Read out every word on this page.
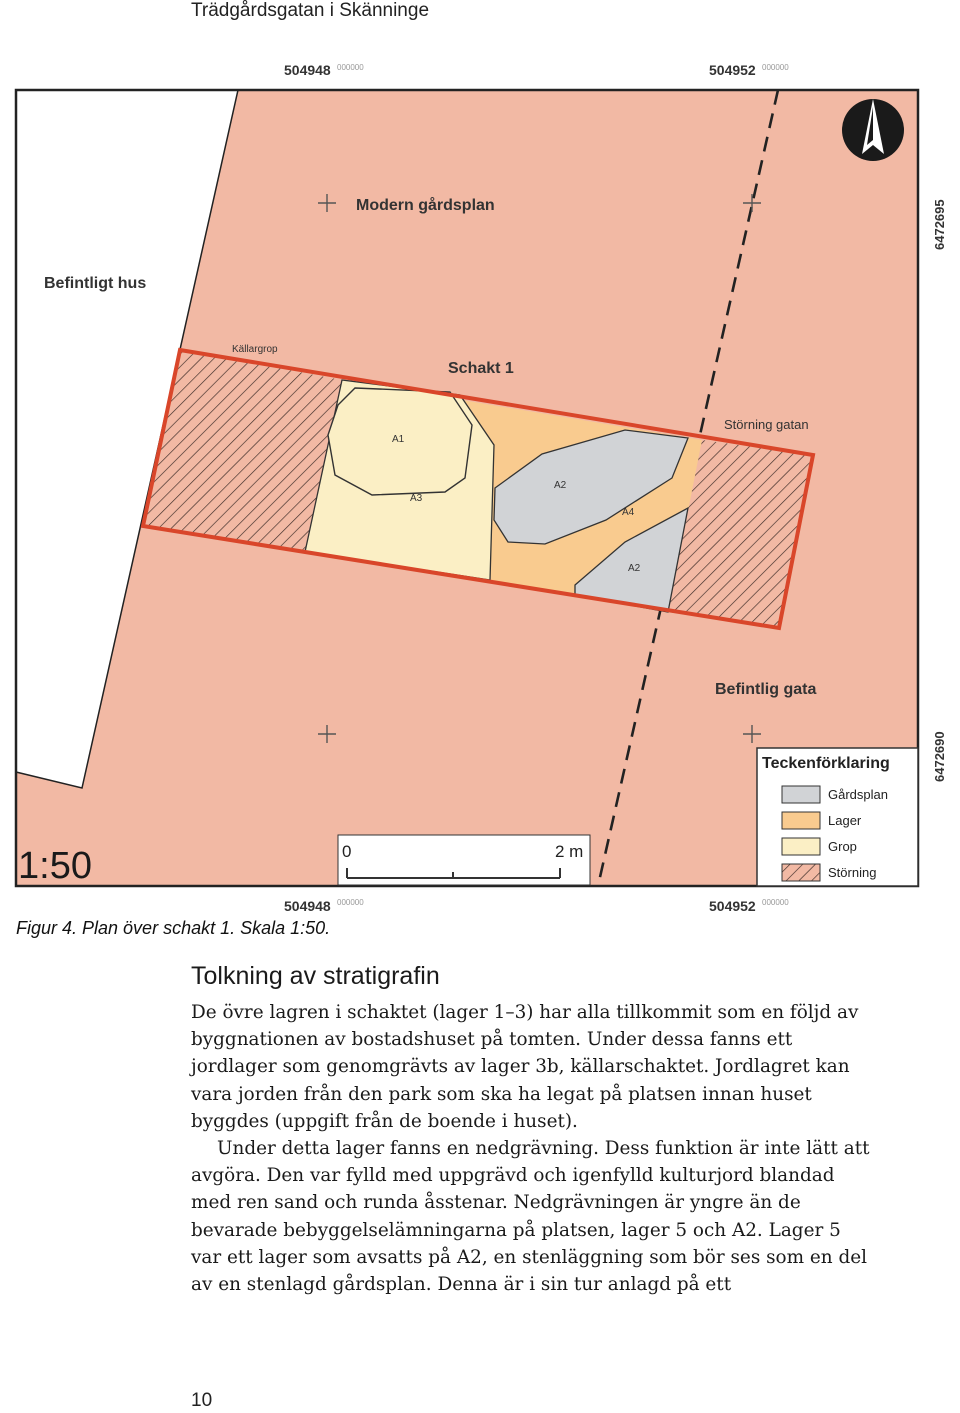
Trädgårdsgatan i Skänninge
504948 000000	504952 000000
504948 000000	504952 000000
6472695
6472690
Modern gårdsplan
Befintligt hus
Källargrop
Schakt 1
Störning gatan
Befintlig gata
A1
A3
A2
A4
A2
1:50	0	2 m
Teckenförklaring
Gårdsplan
Lager
Grop
Störning
Figur 4. Plan över schakt 1. Skala 1:50.
Tolkning av stratigrafin

De övre lagren i schaktet (lager 1–3) har alla tillkommit som en följd av byggnationen av bostadshuset på tomten. Under dessa fanns ett jordlager som genomgrävts av lager 3b, källarschaktet. Jordlagret kan vara jorden från den park som ska ha legat på platsen innan huset byggdes (uppgift från de boende i huset).

Under detta lager fanns en nedgrävning. Dess funktion är inte lätt att avgöra. Den var fylld med uppgrävd och igenfylld kulturjord blandad med ren sand och runda åsstenar. Nedgrävningen är yngre än de bevarade bebyggelselämningarna på platsen, lager 5 och A2. Lager 5 var ett lager som avsatts på A2, en stenläggning som bör ses som en del av en stenlagd gårdsplan. Denna är i sin tur anlagd på ett

10
